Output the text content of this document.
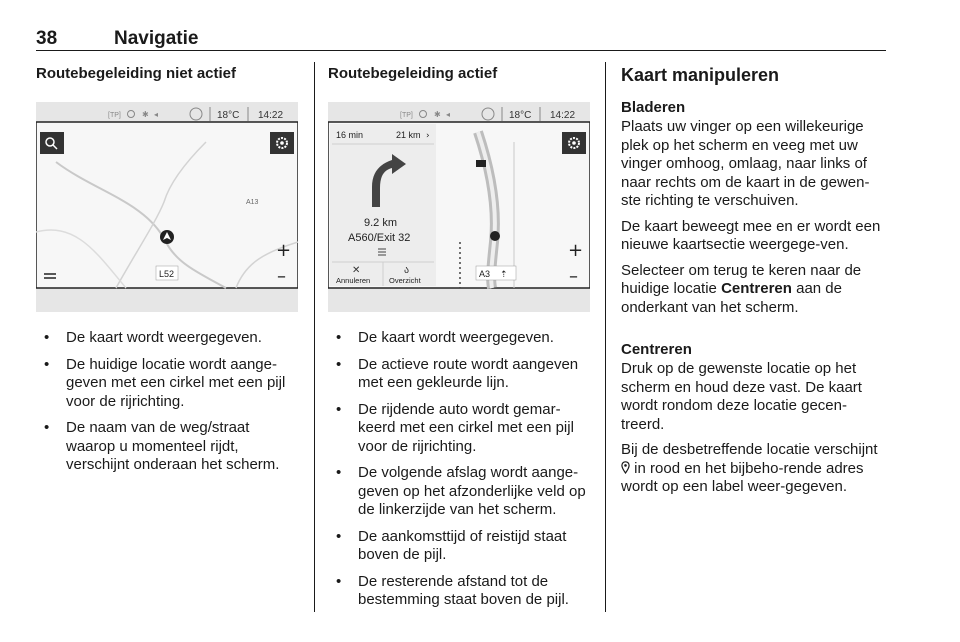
38	Navigatie
Routebegeleiding niet actief
[TP]	✱ ◂	18°C 14:22
A13
+
–
L52
• De kaart wordt weergegeven.
• De huidige locatie wordt aange-geven met een cirkel met een pijl voor de rijrichting.
• De naam van de weg/straat waarop u momenteel rijdt, verschijnt onderaan het scherm.
Routebegeleiding actief
[TP]	✱ ◂	18°C 14:22
16 min	21 km ›
9.2 km
A560/Exit 32
✕
Annuleren
ა
Overzicht
+
–
A3 ⇡
• De kaart wordt weergegeven.
• De actieve route wordt aangeven met een gekleurde lijn.
• De rijdende auto wordt gemar-keerd met een cirkel met een pijl voor de rijrichting.
• De volgende afslag wordt aange-geven op het afzonderlijke veld op de linkerzijde van het scherm.
• De aankomsttijd of reistijd staat boven de pijl.
• De resterende afstand tot de bestemming staat boven de pijl.
Kaart manipuleren
Bladeren

Plaats uw vinger op een willekeurige plek op het scherm en veeg met uw vinger omhoog, omlaag, naar links of naar rechts om de kaart in de gewen-ste richting te verschuiven.

De kaart beweegt mee en er wordt een nieuwe kaartsectie weergege-ven.

Selecteer om terug te keren naar de huidige locatie Centreren aan de onderkant van het scherm.

Centreren

Druk op de gewenste locatie op het scherm en houd deze vast. De kaart wordt rondom deze locatie gecen-treerd.

Bij de desbetreffende locatie verschijnt  in rood en het bijbeho-rende adres wordt op een label weer-gegeven.
